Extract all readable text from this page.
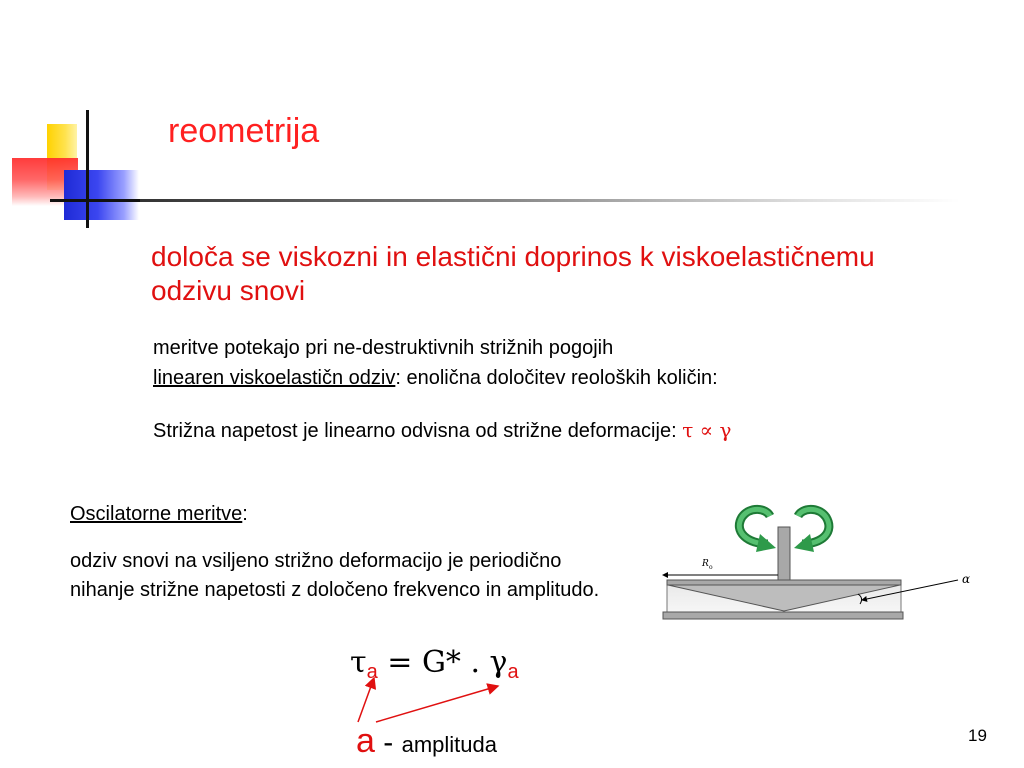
reometrija
določa se viskozni in elastični doprinos k viskoelastičnemu odzivu snovi
meritve potekajo pri ne-destruktivnih strižnih pogojih
linearen viskoelastičn odziv: enolična določitev reoloških količin:
Strižna napetost je linearno odvisna od strižne deformacije: τ ∝ γ
Oscilatorne meritve:
odziv snovi na vsiljeno strižno deformacijo je periodično nihanje strižne napetosti z določeno frekvenco in amplitudo.
$\tau_a = G*$ . $\gamma_a$
a - amplituda	19
R o
α
